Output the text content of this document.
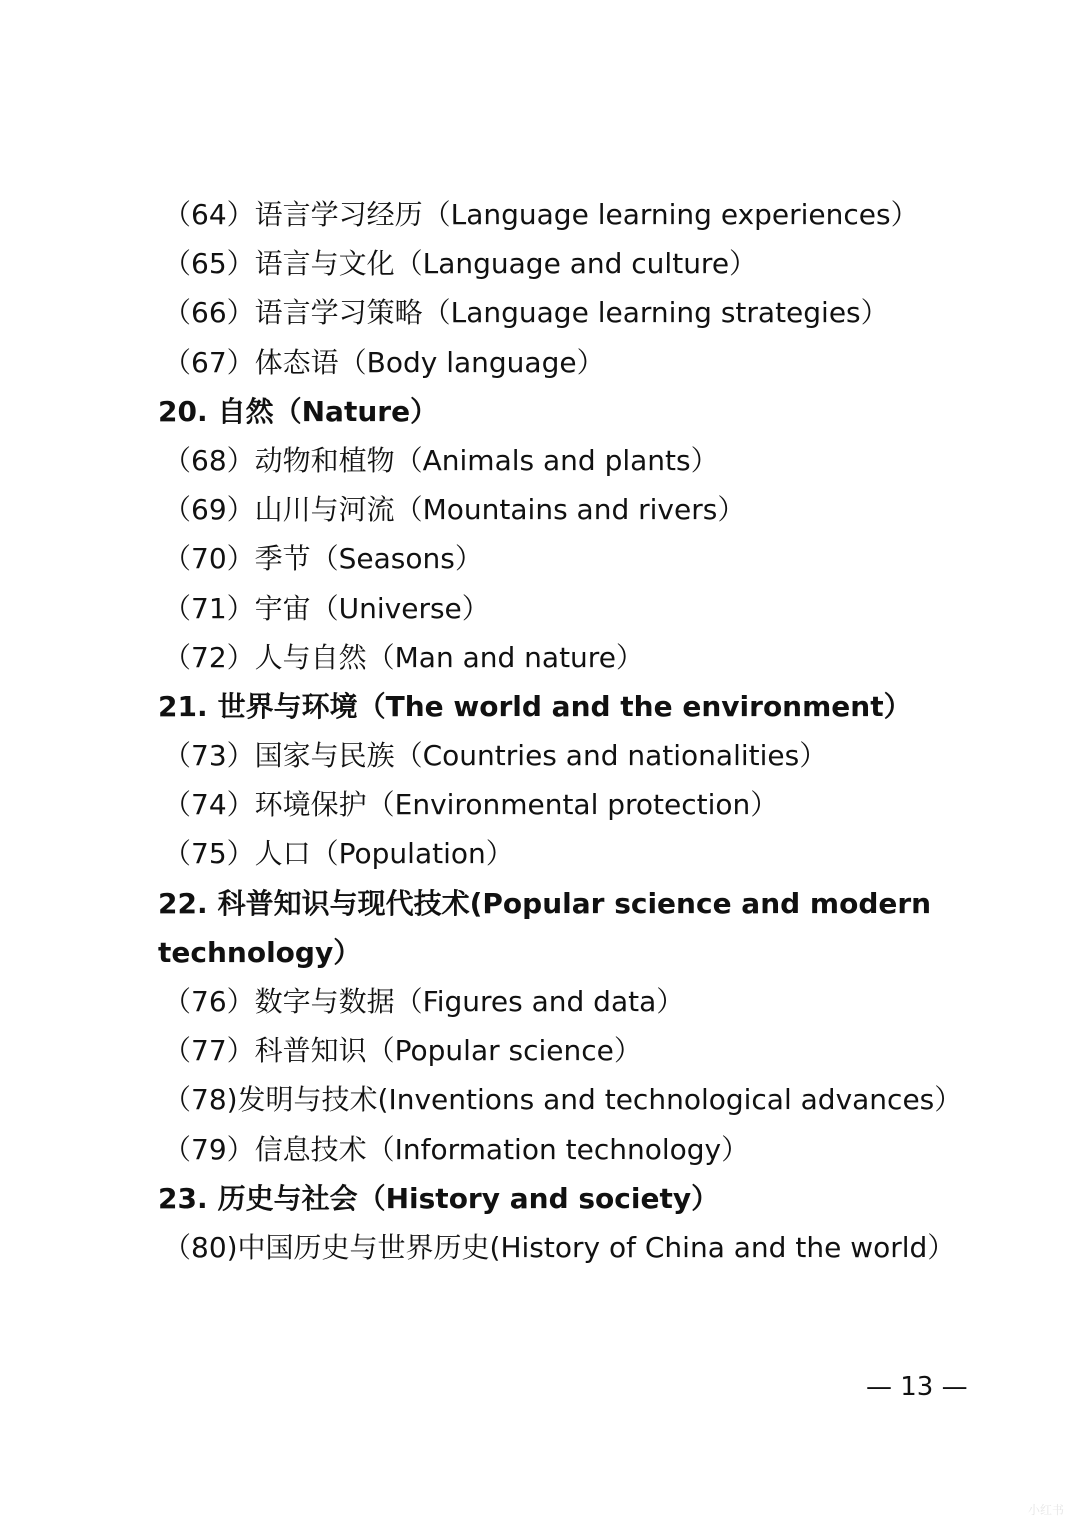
（64）语言学习经历（Language learning experiences）
（65）语言与文化（Language and culture）
（66）语言学习策略（Language learning strategies）
（67）体态语（Body language）
20. 自然（Nature）
（68）动物和植物（Animals and plants）
（69）山川与河流（Mountains and rivers）
（70）季节（Seasons）
（71）宇宙（Universe）
（72）人与自然（Man and nature）
21. 世界与环境（The world and the environment）
（73）国家与民族（Countries and nationalities）
（74）环境保护（Environmental protection）
（75）人口（Population）
22. 科普知识与现代技术(Popular science and modern
technology）
（76）数字与数据（Figures and data）
（77）科普知识（Popular science）
（78)发明与技术(Inventions and technological advances）
（79）信息技术（Information technology）
23. 历史与社会（History and society）
（80)中国历史与世界历史(History of China and the world）
— 13 —
小红书
